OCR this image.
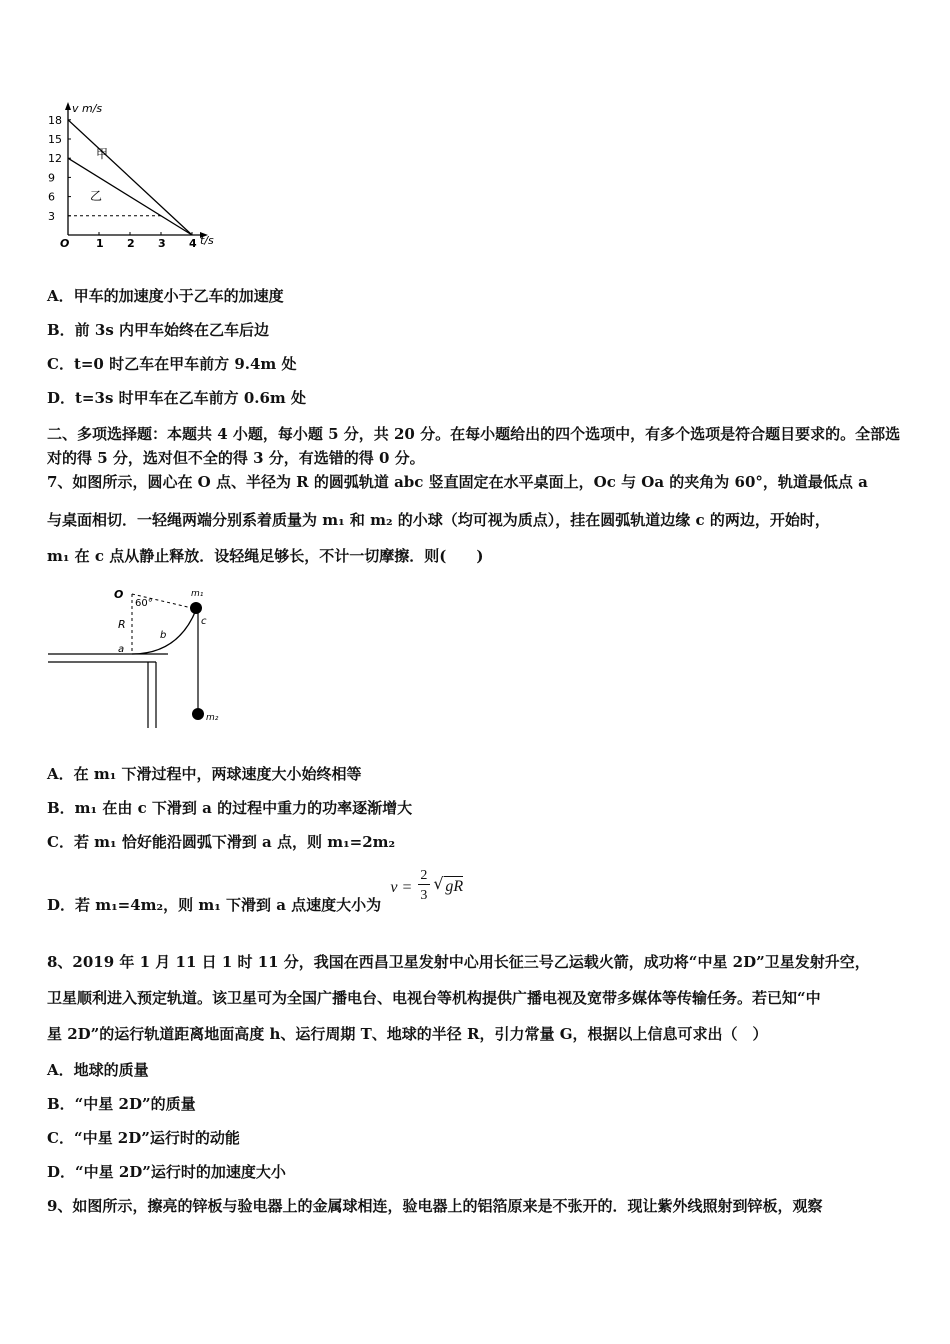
v m/s
t/s
O
18
15
12
9
6
3
1 2 3 4
甲
乙
A．甲车的加速度小于乙车的加速度
B．前 3s 内甲车始终在乙车后边
C．t=0 时乙车在甲车前方 9.4m 处
D．t=3s 时甲车在乙车前方 0.6m 处
二、多项选择题：本题共 4 小题，每小题 5 分，共 20 分。在每小题给出的四个选项中，有多个选项是符合题目要求的。全部选对的得 5 分，选对但不全的得 3 分，有选错的得 0 分。
7、如图所示，圆心在 O 点、半径为 R 的圆弧轨道 abc 竖直固定在水平桌面上，Oc 与 Oa 的夹角为 60°，轨道最低点 a
与桌面相切．一轻绳两端分别系着质量为 m₁ 和 m₂ 的小球（均可视为质点），挂在圆弧轨道边缘 c 的两边，开始时，
m₁ 在 c 点从静止释放．设轻绳足够长，不计一切摩擦．则(　　)
O
60°
R
a
b
c
m₁
m₂
A．在 m₁ 下滑过程中，两球速度大小始终相等
B．m₁ 在由 c 下滑到 a 的过程中重力的功率逐渐增大
C．若 m₁ 恰好能沿圆弧下滑到 a 点，则 m₁=2m₂
D．若 m₁=4m₂，则 m₁ 下滑到 a 点速度大小为
v =
2
3
√ gR
8、2019 年 1 月 11 日 1 时 11 分，我国在西昌卫星发射中心用长征三号乙运载火箭，成功将“中星 2D”卫星发射升空，
卫星顺利进入预定轨道。该卫星可为全国广播电台、电视台等机构提供广播电视及宽带多媒体等传输任务。若已知“中
星 2D”的运行轨道距离地面高度 h、运行周期 T、地球的半径 R，引力常量 G，根据以上信息可求出（　）
A．地球的质量
B．“中星 2D”的质量
C．“中星 2D”运行时的动能
D．“中星 2D”运行时的加速度大小
9、如图所示，擦亮的锌板与验电器上的金属球相连，验电器上的铝箔原来是不张开的．现让紫外线照射到锌板，观察
